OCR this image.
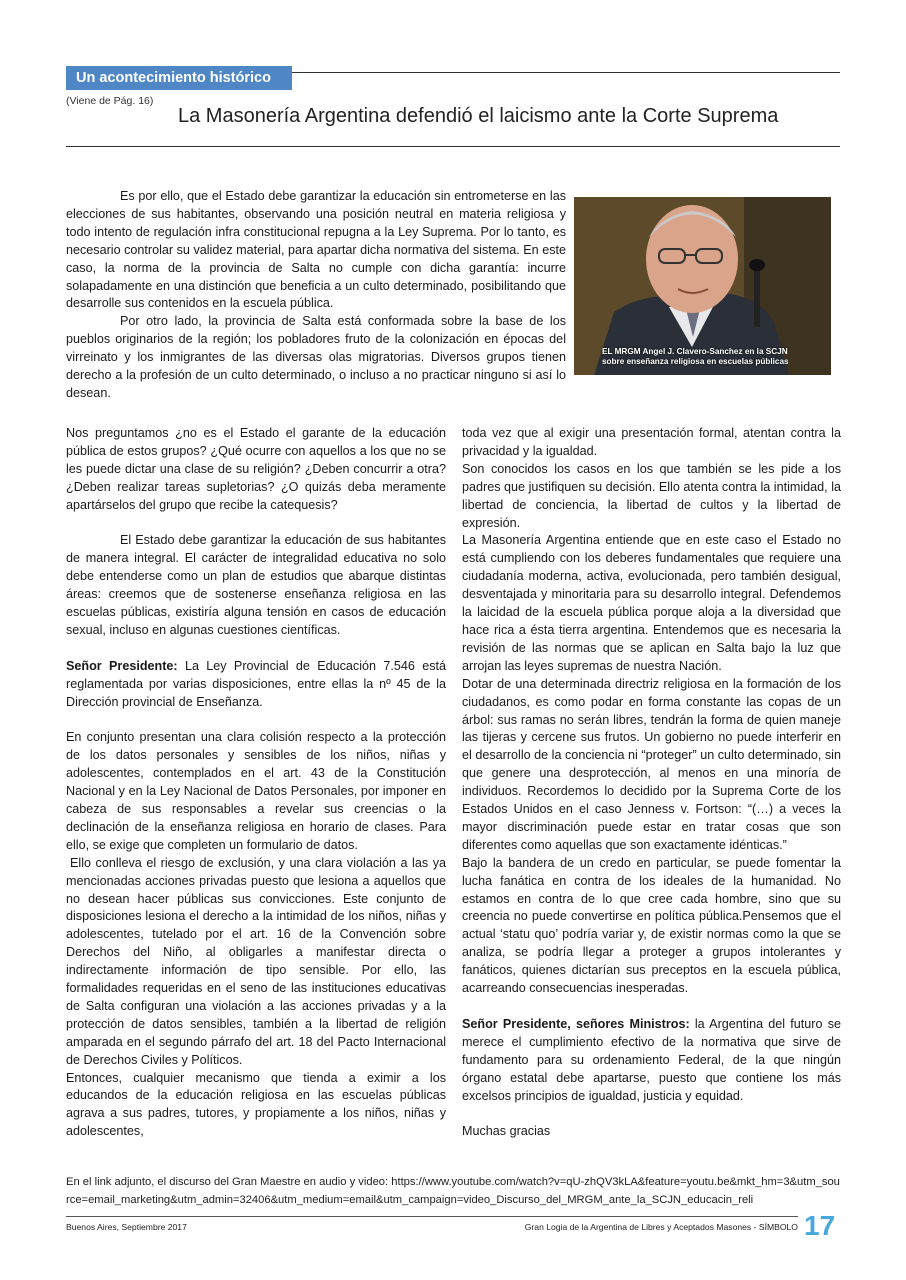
Un acontecimiento histórico
(Viene de Pág. 16)
La Masonería Argentina defendió el laicismo ante la Corte Suprema

Es por ello, que el Estado debe garantizar la educación sin entrometerse en las elecciones de sus habitantes, observando una posición neutral en materia religiosa y todo intento de regulación infra constitucional repugna a la Ley Suprema. Por lo tanto, es necesario controlar su validez material, para apartar dicha normativa del sistema. En este caso, la norma de la provincia de Salta no cumple con dicha garantía: incurre solapadamente en una distinción que beneficia a un culto determinado, posibilitando que desarrolle sus contenidos en la escuela pública.

Por otro lado, la provincia de Salta está conformada sobre la base de los pueblos originarios de la región; los pobladores fruto de la colonización en épocas del virreinato y los inmigrantes de las diversas olas migratorias. Diversos grupos tienen derecho a la profesión de un culto determinado, o incluso a no practicar ninguno si así lo desean.

EL MRGM Angel J. Clavero-Sanchez en la SCJN
sobre enseñanza religiosa en escuelas públicas

Nos preguntamos ¿no es el Estado el garante de la educación pública de estos grupos? ¿Qué ocurre con aquellos a los que no se les puede dictar una clase de su religión? ¿Deben concurrir a otra? ¿Deben realizar tareas supletorias? ¿O quizás deba meramente apartárselos del grupo que recibe la catequesis?

El Estado debe garantizar la educación de sus habitantes de manera integral. El carácter de integralidad educativa no solo debe entenderse como un plan de estudios que abarque distintas áreas: creemos que de sostenerse enseñanza religiosa en las escuelas públicas, existiría alguna tensión en casos de educación sexual, incluso en algunas cuestiones científicas.

Señor Presidente: La Ley Provincial de Educación 7.546 está reglamentada por varias disposiciones, entre ellas la nº 45 de la Dirección provincial de Enseñanza.

En conjunto presentan una clara colisión respecto a la protección de los datos personales y sensibles de los niños, niñas y adolescentes, contemplados en el art. 43 de la Constitución Nacional y en la Ley Nacional de Datos Personales, por imponer en cabeza de sus responsables a revelar sus creencias o la declinación de la enseñanza religiosa en horario de clases. Para ello, se exige que completen un formulario de datos.

Ello conlleva el riesgo de exclusión, y una clara violación a las ya mencionadas acciones privadas puesto que lesiona a aquellos que no desean hacer públicas sus convicciones. Este conjunto de disposiciones lesiona el derecho a la intimidad de los niños, niñas y adolescentes, tutelado por el art. 16 de la Convención sobre Derechos del Niño, al obligarles a manifestar directa o indirectamente información de tipo sensible. Por ello, las formalidades requeridas en el seno de las instituciones educativas de Salta configuran una violación a las acciones privadas y a la protección de datos sensibles, también a la libertad de religión amparada en el segundo párrafo del art. 18 del Pacto Internacional de Derechos Civiles y Políticos.

Entonces, cualquier mecanismo que tienda a eximir a los educandos de la educación religiosa en las escuelas públicas agrava a sus padres, tutores, y propiamente a los niños, niñas y adolescentes,

toda vez que al exigir una presentación formal, atentan contra la privacidad y la igualdad.

Son conocidos los casos en los que también se les pide a los padres que justifiquen su decisión. Ello atenta contra la intimidad, la libertad de conciencia, la libertad de cultos y la libertad de expresión.

La Masonería Argentina entiende que en este caso el Estado no está cumpliendo con los deberes fundamentales que requiere una ciudadanía moderna, activa, evolucionada, pero también desigual, desventajada y minoritaria para su desarrollo integral. Defendemos la laicidad de la escuela pública porque aloja a la diversidad que hace rica a ésta tierra argentina. Entendemos que es necesaria la revisión de las normas que se aplican en Salta bajo la luz que arrojan las leyes supremas de nuestra Nación.

Dotar de una determinada directriz religiosa en la formación de los ciudadanos, es como podar en forma constante las copas de un árbol: sus ramas no serán libres, tendrán la forma de quien maneje las tijeras y cercene sus frutos. Un gobierno no puede interferir en el desarrollo de la conciencia ni “proteger” un culto determinado, sin que genere una desprotección, al menos en una minoría de individuos. Recordemos lo decidido por la Suprema Corte de los Estados Unidos en el caso Jenness v. Fortson: “(…) a veces la mayor discriminación puede estar en tratar cosas que son diferentes como aquellas que son exactamente idénticas.”

Bajo la bandera de un credo en particular, se puede fomentar la lucha fanática en contra de los ideales de la humanidad. No estamos en contra de lo que cree cada hombre, sino que su creencia no puede convertirse en política pública.Pensemos que el actual ‘statu quo’ podría variar y, de existir normas como la que se analiza, se podría llegar a proteger a grupos intolerantes y fanáticos, quienes dictarían sus preceptos en la escuela pública, acarreando consecuencias inesperadas.

Señor Presidente, señores Ministros: la Argentina del futuro se merece el cumplimiento efectivo de la normativa que sirve de fundamento para su ordenamiento Federal, de la que ningún órgano estatal debe apartarse, puesto que contiene los más excelsos principios de igualdad, justicia y equidad.

Muchas gracias

En el link adjunto, el discurso del Gran Maestre en audio y video: https://www.youtube.com/watch?v=qU-zhQV3kLA&feature=youtu.be&mkt_hm=3&utm_source=email_marketing&utm_admin=32406&utm_medium=email&utm_campaign=video_Discurso_del_MRGM_ante_la_SCJN_educacin_reli
Buenos Aires, Septiembre 2017	Gran Logia de la Argentina de Libres y Aceptados Masones - SÍMBOLO 17
